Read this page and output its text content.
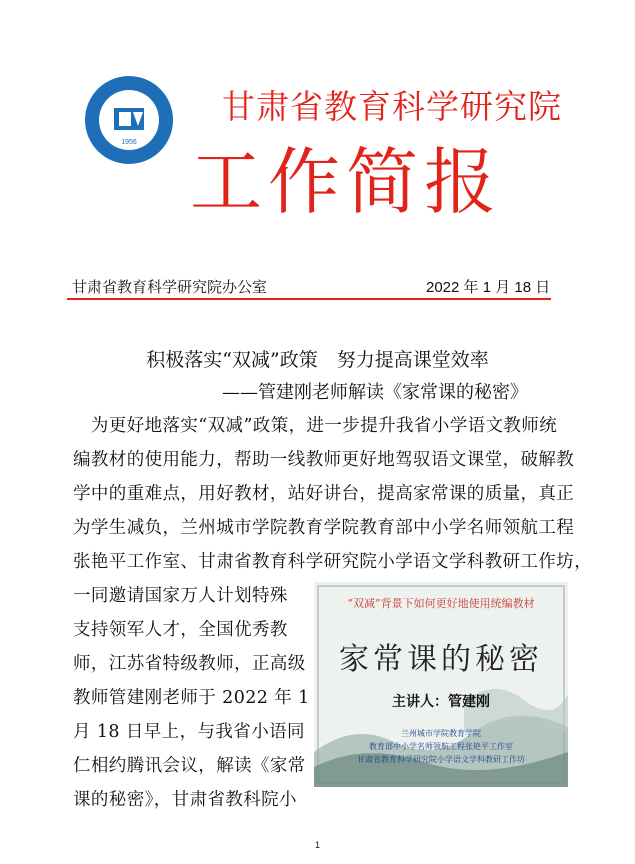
1956
甘肃省教育科学研究院
工作简报
甘肃省教育科学研究院办公室	2022 年 1 月 18 日
积极落实“双减”政策　努力提高课堂效率
——管建刚老师解读《家常课的秘密》
　为更好地落实“双减”政策，进一步提升我省小学语文教师统
编教材的使用能力，帮助一线教师更好地驾驭语文课堂，破解教
学中的重难点，用好教材，站好讲台，提高家常课的质量，真正
为学生减负，兰州城市学院教育学院教育部中小学名师领航工程
张艳平工作室、甘肃省教育科学研究院小学语文学科教研工作坊，
一同邀请国家万人计划特殊
支持领军人才，全国优秀教
师，江苏省特级教师，正高级
教师管建刚老师于 2022 年 1
月 18 日早上，与我省小语同
仁相约腾讯会议，解读《家常
课的秘密》，甘肃省教科院小
“双减”背景下如何更好地使用统编教材
家常课的秘密
主讲人：管建刚
兰州城市学院教育学院
教育部中小学名师领航工程张艳平工作室
甘肃省教育科学研究院小学语文学科教研工作坊
1
